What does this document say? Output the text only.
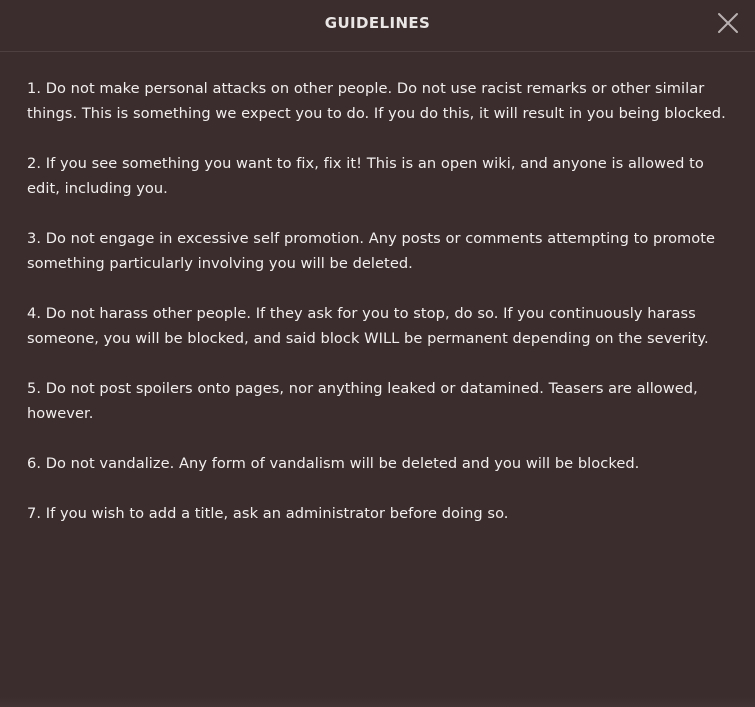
GUIDELINES

1. Do not make personal attacks on other people. Do not use racist remarks or other similar things. This is something we expect you to do. If you do this, it will result in you being blocked.

2. If you see something you want to fix, fix it! This is an open wiki, and anyone is allowed to edit, including you.

3. Do not engage in excessive self promotion. Any posts or comments attempting to promote something particularly involving you will be deleted.

4. Do not harass other people. If they ask for you to stop, do so. If you continuously harass someone, you will be blocked, and said block WILL be permanent depending on the severity.

5. Do not post spoilers onto pages, nor anything leaked or datamined. Teasers are allowed, however.

6. Do not vandalize. Any form of vandalism will be deleted and you will be blocked.

7. If you wish to add a title, ask an administrator before doing so.
